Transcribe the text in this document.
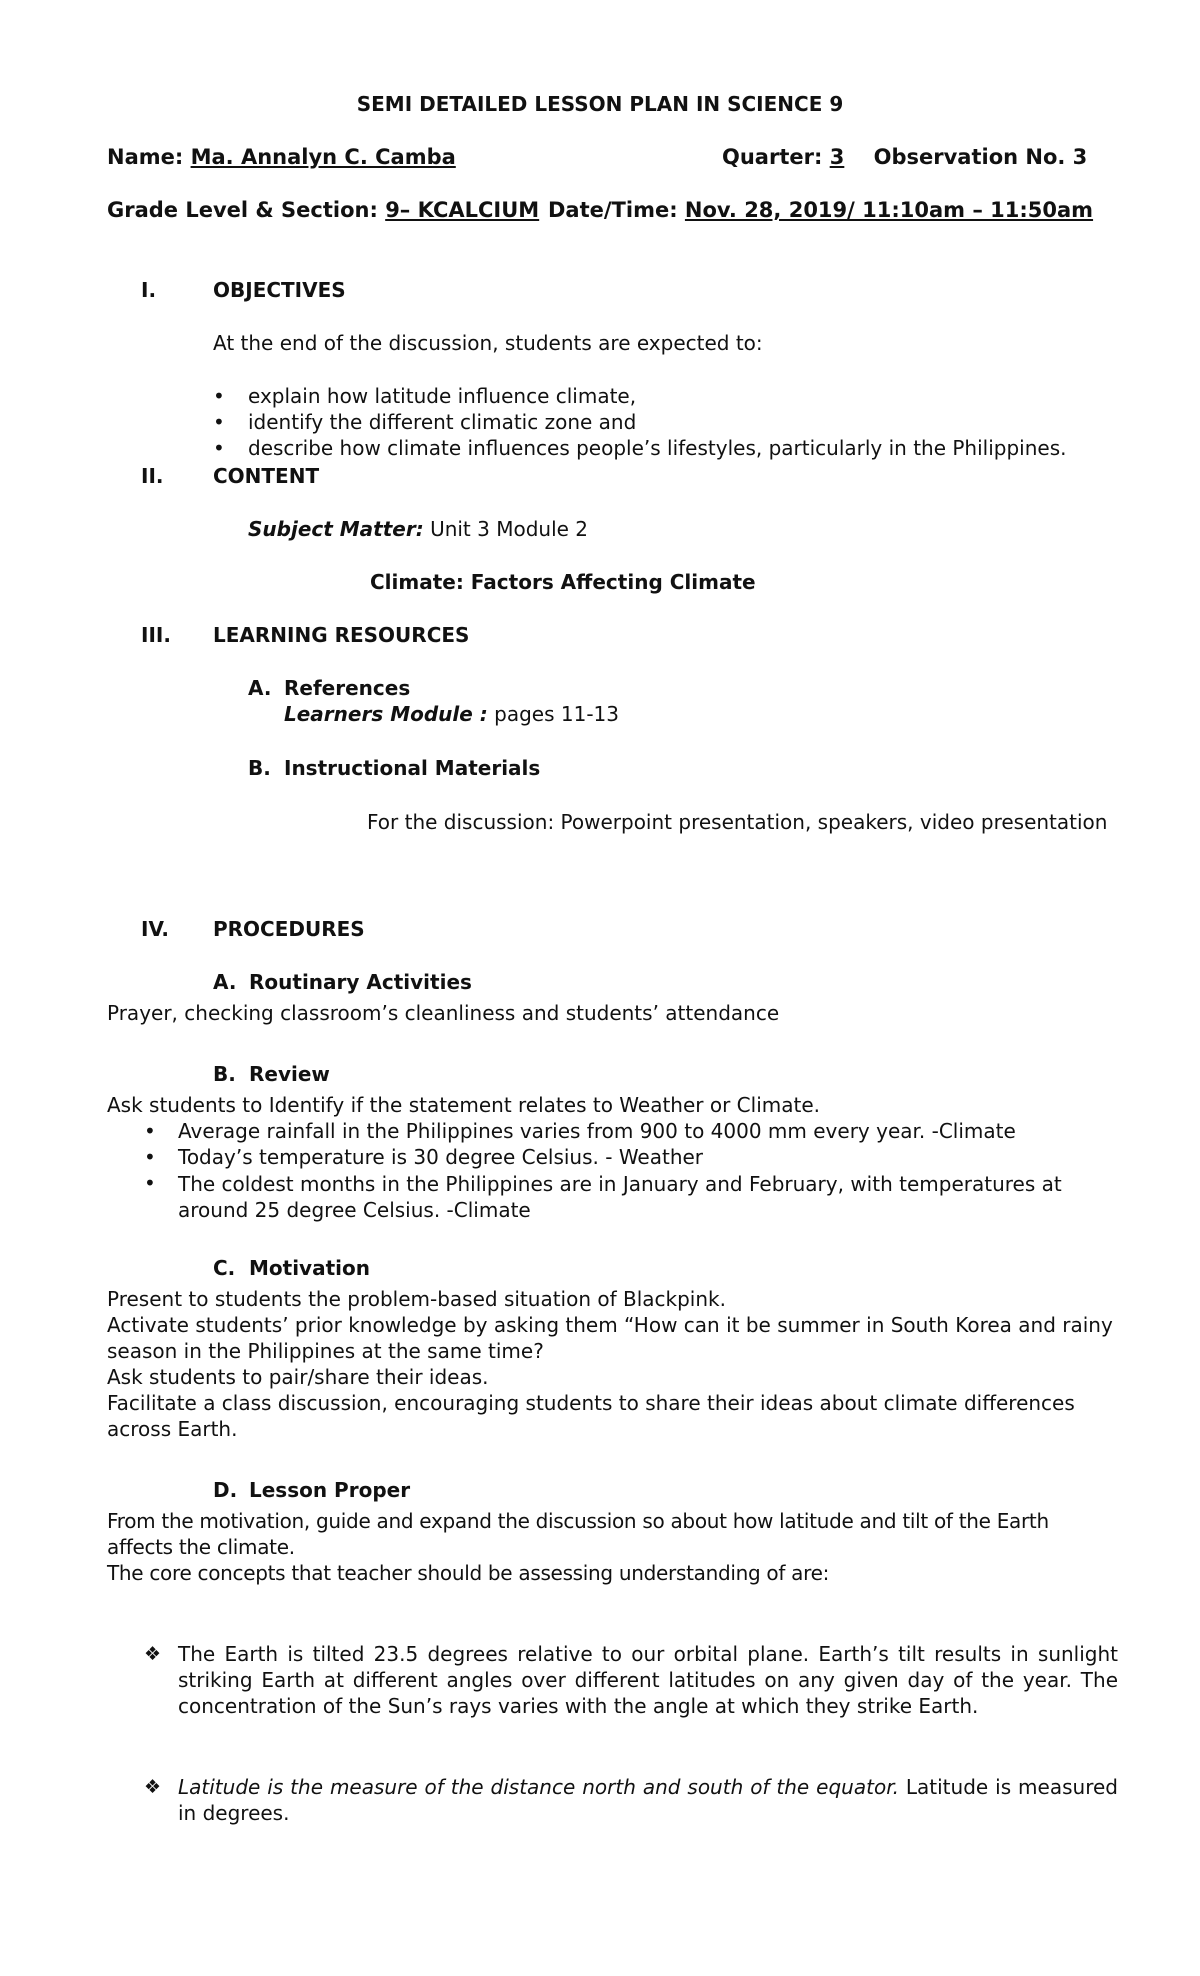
SEMI DETAILED LESSON PLAN IN SCIENCE 9
Name: Ma. Annalyn C. Camba	Quarter: 3 Observation No. 3
Grade Level & Section: 9– KCALCIUM Date/Time: Nov. 28, 2019/ 11:10am – 11:50am
I.	OBJECTIVES
At the end of the discussion, students are expected to:
• explain how latitude influence climate,
• identify the different climatic zone and
• describe how climate influences people’s lifestyles, particularly in the Philippines.
II. CONTENT
Subject Matter: Unit 3 Module 2
Climate: Factors Affecting Climate
III. LEARNING RESOURCES
A. References
Learners Module : pages 11-13
B. Instructional Materials
For the discussion: Powerpoint presentation, speakers, video presentation
IV. PROCEDURES
A. Routinary Activities
Prayer, checking classroom’s cleanliness and students’ attendance
B. Review
Ask students to Identify if the statement relates to Weather or Climate.
• Average rainfall in the Philippines varies from 900 to 4000 mm every year. -Climate
• Today’s temperature is 30 degree Celsius. - Weather
• The coldest months in the Philippines are in January and February, with temperatures at around 25 degree Celsius. -Climate
C. Motivation
Present to students the problem-based situation of Blackpink.
Activate students’ prior knowledge by asking them “How can it be summer in South Korea and rainy season in the Philippines at the same time?
Ask students to pair/share their ideas.
Facilitate a class discussion, encouraging students to share their ideas about climate differences across Earth.
D. Lesson Proper
From the motivation, guide and expand the discussion so about how latitude and tilt of the Earth affects the climate.
The core concepts that teacher should be assessing understanding of are:
❖ The Earth is tilted 23.5 degrees relative to our orbital plane. Earth’s tilt results in sunlight striking Earth at different angles over different latitudes on any given day of the year. The concentration of the Sun’s rays varies with the angle at which they strike Earth.
❖ Latitude is the measure of the distance north and south of the equator. Latitude is measured in degrees.
